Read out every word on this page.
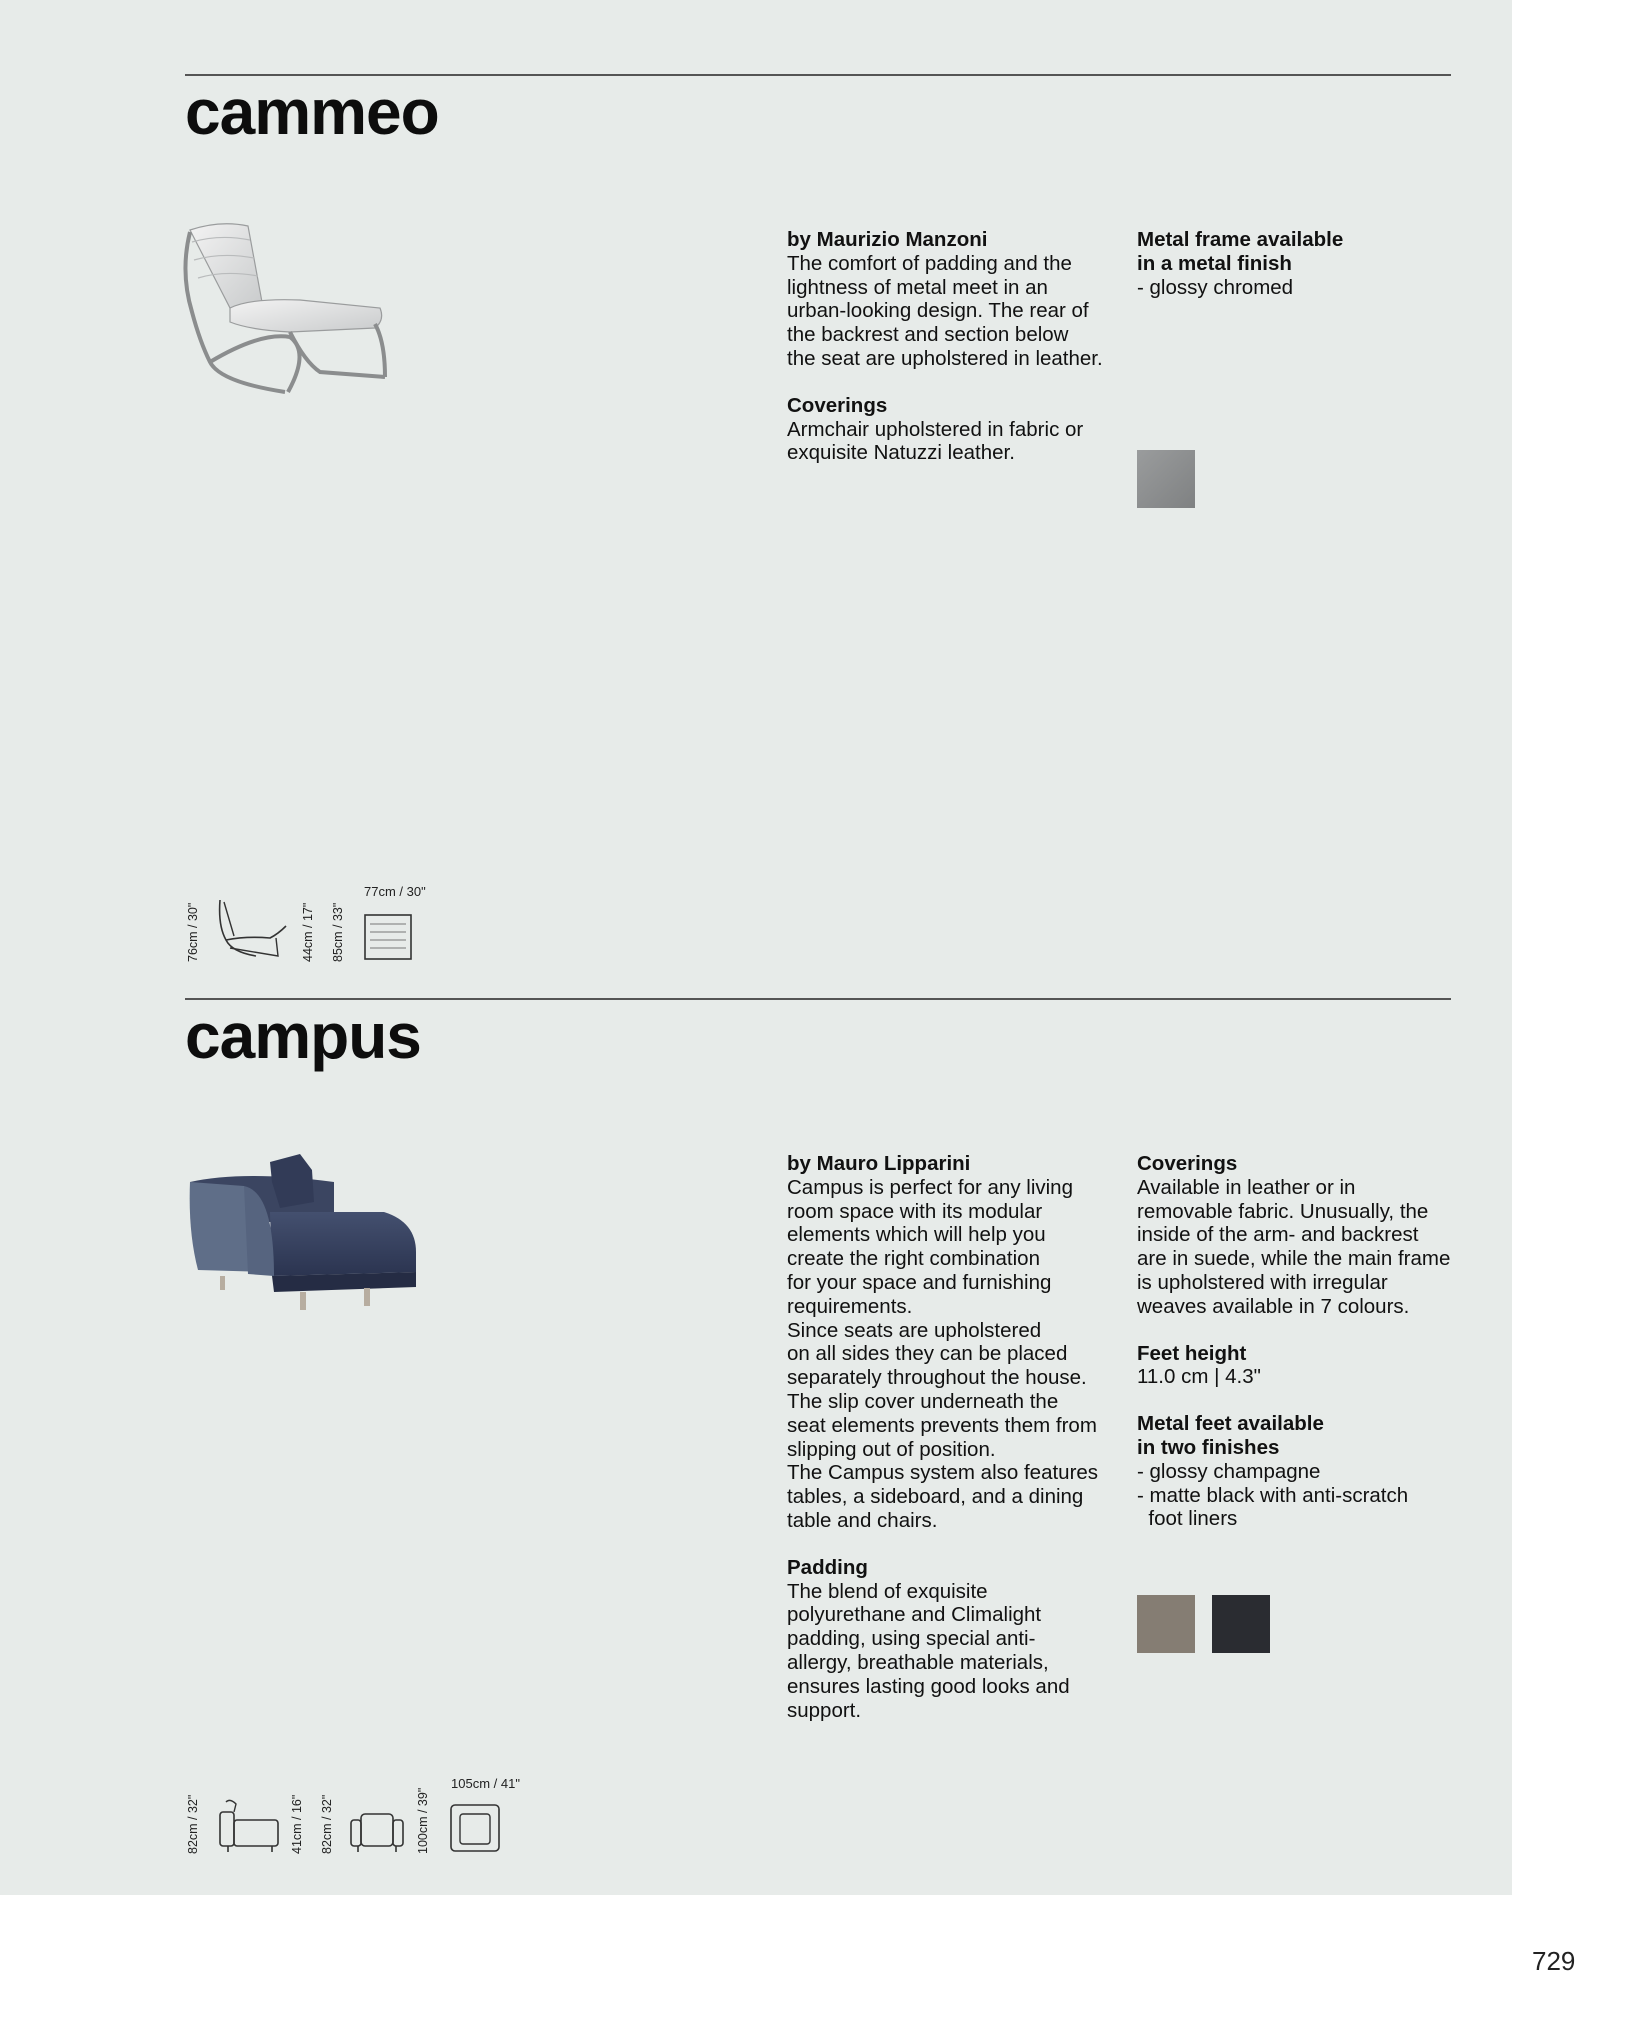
cammeo

by Maurizio Manzoni

The comfort of padding and the

lightness of metal meet in an

urban-looking design. The rear of

the backrest and section below

the seat are upholstered in leather.

Coverings

Armchair upholstered in fabric or

exquisite Natuzzi leather.

Metal frame available

in a metal finish

- glossy chromed

76cm / 30"	44cm / 17" 85cm / 33"
77cm / 30"
campus

by Mauro Lipparini

Campus is perfect for any living

room space with its modular

elements which will help you

create the right combination

for your space and furnishing

requirements.

Since seats are upholstered

on all sides they can be placed

separately throughout the house.

The slip cover underneath the

seat elements prevents them from

slipping out of position.

The Campus system also features

tables, a sideboard, and a dining

table and chairs.

Padding

The blend of exquisite

polyurethane and Climalight

padding, using special anti-

allergy, breathable materials,

ensures lasting good looks and

support.

Coverings

Available in leather or in

removable fabric. Unusually, the

inside of the arm- and backrest

are in suede, while the main frame

is upholstered with irregular

weaves available in 7 colours.

Feet height

11.0 cm | 4.3"

Metal feet available

in two finishes

- glossy champagne

- matte black with anti-scratch

foot liners

82cm / 32"	41cm / 16" 82cm / 32"	100cm / 39"
105cm / 41"
729
